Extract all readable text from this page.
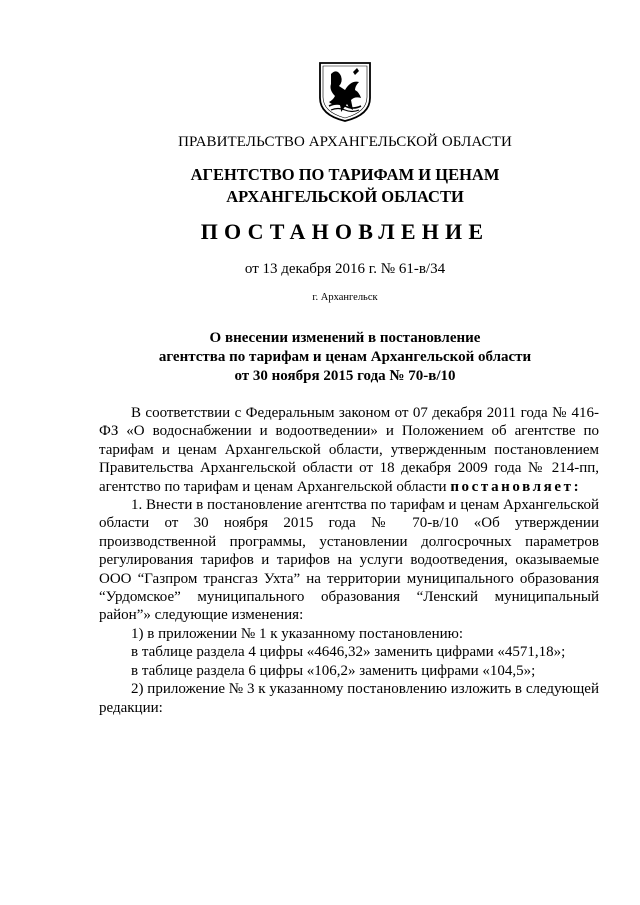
ПРАВИТЕЛЬСТВО АРХАНГЕЛЬСКОЙ ОБЛАСТИ
АГЕНТСТВО ПО ТАРИФАМ И ЦЕНАМ
АРХАНГЕЛЬСКОЙ ОБЛАСТИ
ПОСТАНОВЛЕНИЕ
от 13 декабря 2016 г. № 61-в/34
г. Архангельск
О внесении изменений в постановление
агентства по тарифам и ценам Архангельской области
от 30 ноября 2015 года № 70-в/10

В соответствии с Федеральным законом от 07 декабря 2011 года № 416-ФЗ «О водоснабжении и водоотведении» и Положением об агентстве по тарифам и ценам Архангельской области, утвержденным постановлением Правительства Архангельской области от 18 декабря 2009 года № 214-пп, агентство по тарифам и ценам Архангельской области постановляет:

1. Внести в постановление агентства по тарифам и ценам Архангельской области от 30 ноября 2015 года № 70-в/10 «Об утверждении производственной программы, установлении долгосрочных параметров регулирования тарифов и тарифов на услуги водоотведения, оказываемые ООО “Газпром трансгаз Ухта” на территории муниципального образования “Урдомское” муниципального образования “Ленский муниципальный район”» следующие изменения:

1) в приложении № 1 к указанному постановлению:

в таблице раздела 4 цифры «4646,32» заменить цифрами «4571,18»;

в таблице раздела 6 цифры «106,2» заменить цифрами «104,5»;

2) приложение № 3 к указанному постановлению изложить в следующей редакции:
